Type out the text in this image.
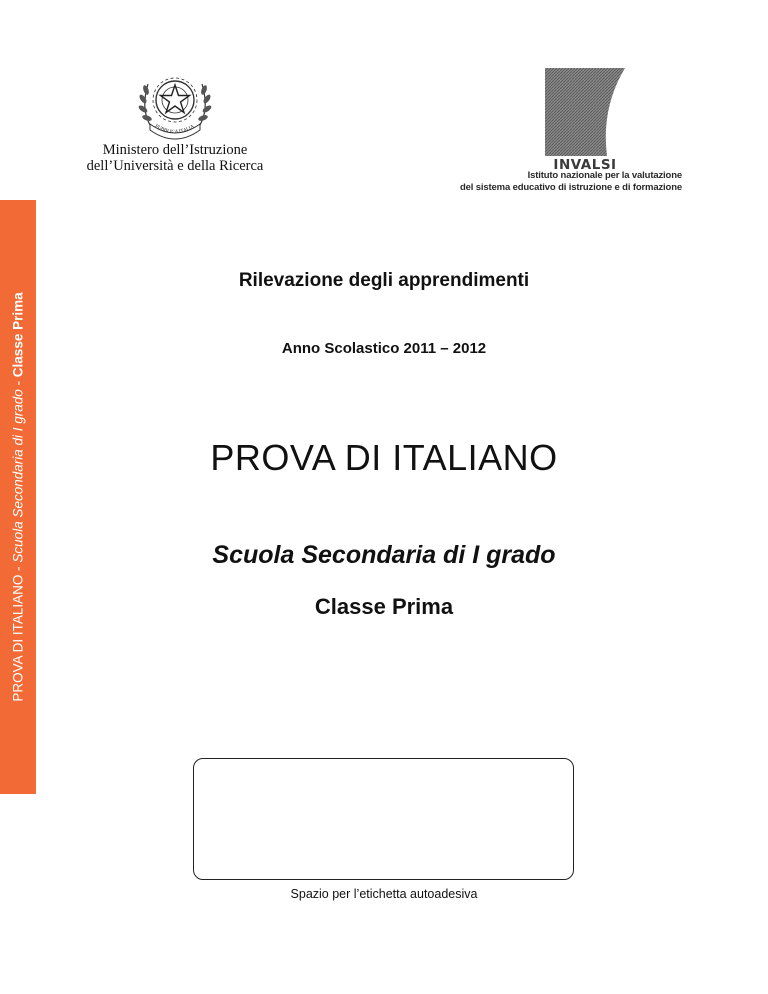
PROVA DI ITALIANO - Scuola Secondaria di I grado - Classe Prima
PUBBLICA ITALIA
Ministero dell’Istruzione
dell’Università e della Ricerca	INVALSI
Istituto nazionale per la valutazione
del sistema educativo di istruzione e di formazione
Rilevazione degli apprendimenti
Anno Scolastico 2011 – 2012
PROVA DI ITALIANO
Scuola Secondaria di I grado
Classe Prima
Spazio per l’etichetta autoadesiva
